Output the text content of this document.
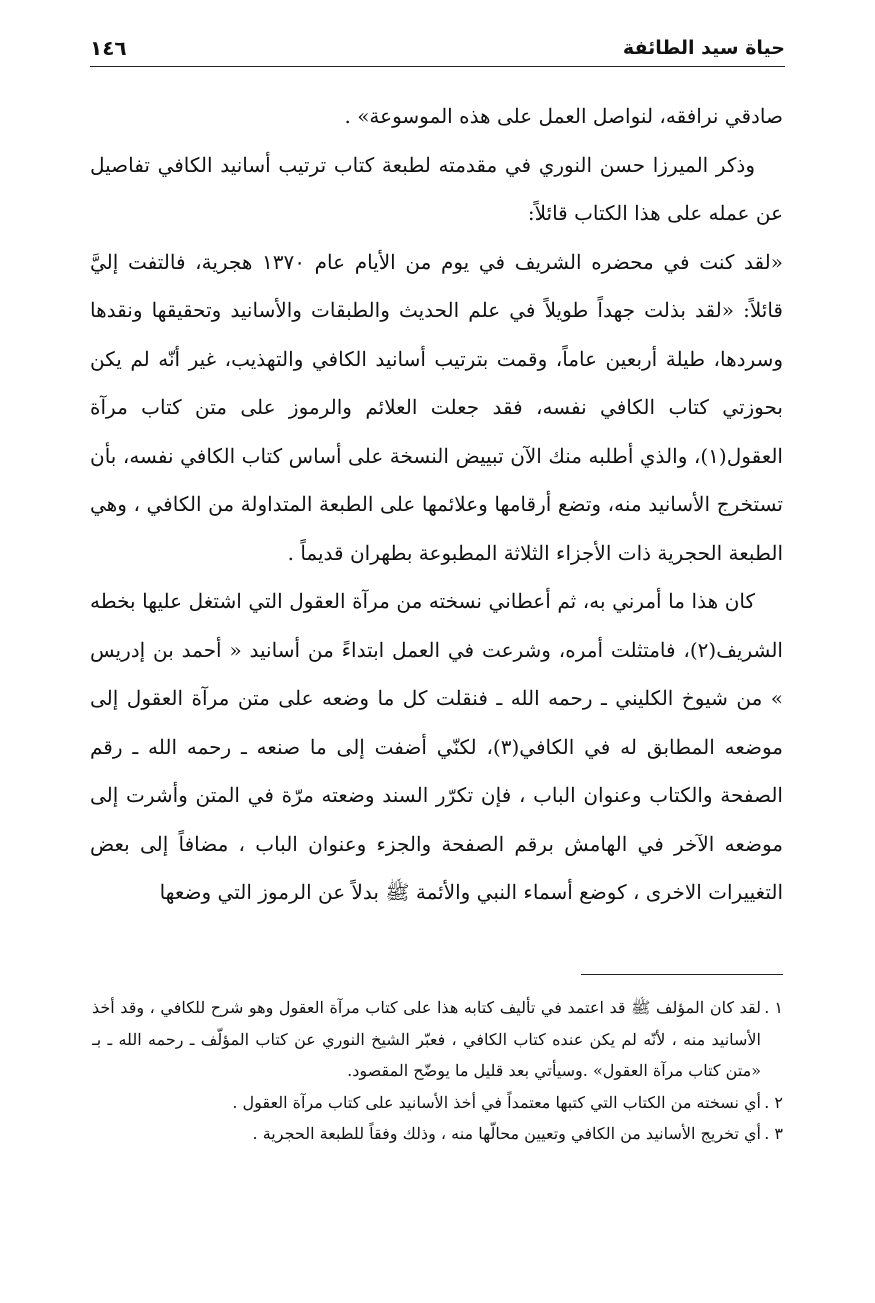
حياة سيد الطائفة
١٤٦

صادقي نرافقه، لنواصل العمل على هذه الموسوعة» .

وذكر الميرزا حسن النوري في مقدمته لطبعة كتاب ترتيب أسانيد الكافي تفاصيل عن عمله على هذا الكتاب قائلاً:

«لقد كنت في محضره الشريف في يوم من الأيام عام ١٣٧٠ هجرية، فالتفت إليَّ قائلاً: «لقد بذلت جهداً طويلاً في علم الحديث والطبقات والأسانيد وتحقيقها ونقدها وسردها، طيلة أربعين عاماً، وقمت بترتيب أسانيد الكافي والتهذيب، غير أنّه لم يكن بحوزتي كتاب الكافي نفسه، فقد جعلت العلائم والرموز على متن كتاب مرآة العقول(١)، والذي أطلبه منك الآن تبييض النسخة على أساس كتاب الكافي نفسه، بأن تستخرج الأسانيد منه، وتضع أرقامها وعلائمها على الطبعة المتداولة من الكافي ، وهي الطبعة الحجرية ذات الأجزاء الثلاثة المطبوعة بطهران قديماً .

كان هذا ما أمرني به، ثم أعطاني نسخته من مرآة العقول التي اشتغل عليها بخطه الشريف(٢)، فامتثلت أمره، وشرعت في العمل ابتداءً من أسانيد « أحمد بن إدريس » من شيوخ الكليني ـ رحمه الله ـ فنقلت كل ما وضعه على متن مرآة العقول إلى موضعه المطابق له في الكافي(٣)، لكنّي أضفت إلى ما صنعه ـ رحمه الله ـ رقم الصفحة والكتاب وعنوان الباب ، فإن تكرّر السند وضعته مرّة في المتن وأشرت إلى موضعه الآخر في الهامش برقم الصفحة والجزء وعنوان الباب ، مضافاً إلى بعض التغييرات الاخرى ، كوضع أسماء النبي والأئمة ﷺ بدلاً عن الرموز التي وضعها

١ .
لقد كان المؤلف ﷺ قد اعتمد في تأليف كتابه هذا على كتاب مرآة العقول وهو شرح للكافي ، وقد أخذ الأسانيد منه ، لأنّه لم يكن عنده كتاب الكافي ، فعبّر الشيخ النوري عن كتاب المؤلّف ـ رحمه الله ـ بـ «متن كتاب مرآة العقول» .وسيأتي بعد قليل ما يوضّح المقصود.
٢ .
أي نسخته من الكتاب التي كتبها معتمداً في أخذ الأسانيد على كتاب مرآة العقول .
٣ .
أي تخريج الأسانيد من الكافي وتعيين محالّها منه ، وذلك وفقاً للطبعة الحجرية .
